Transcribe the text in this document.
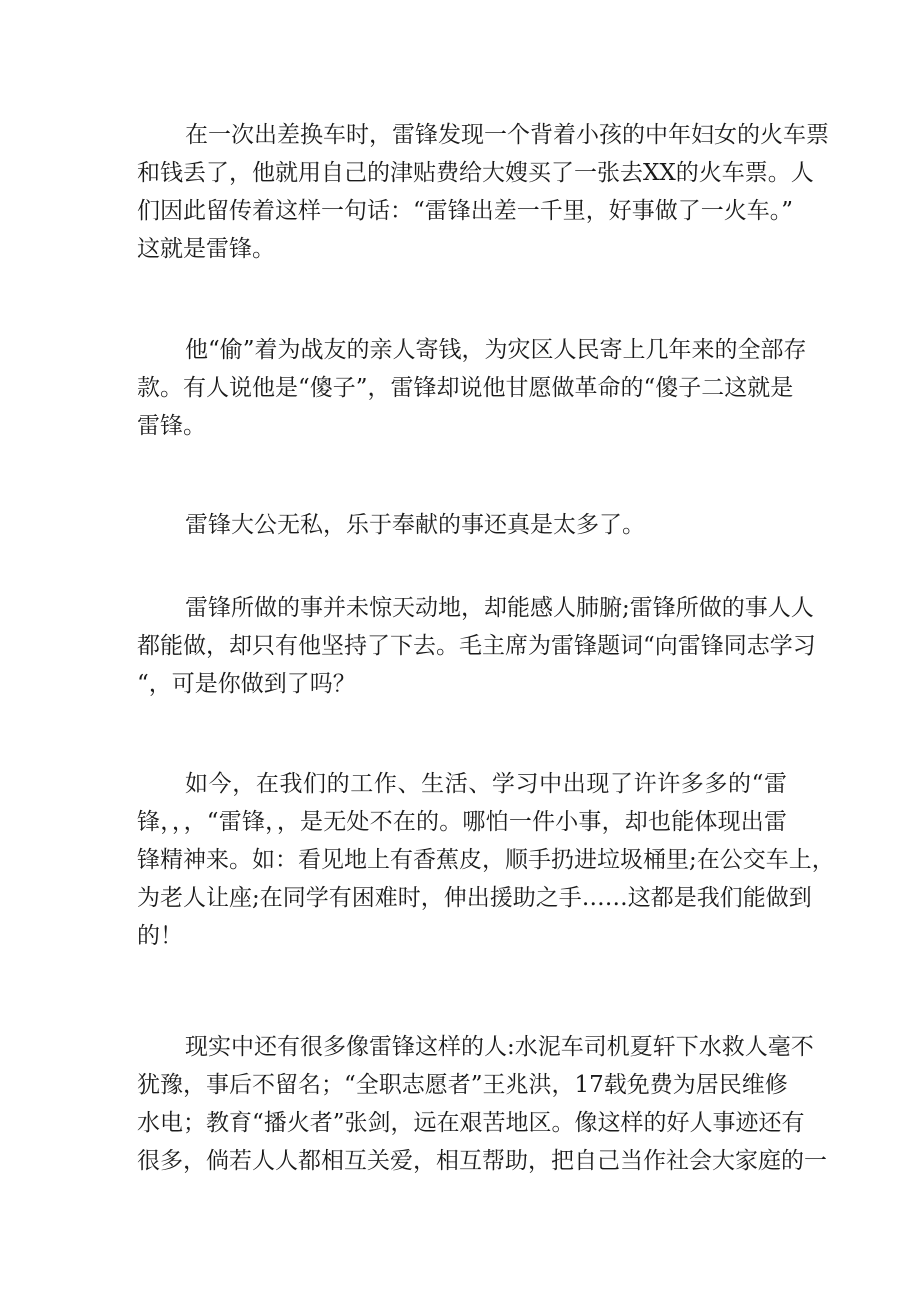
在一次出差换车时，雷锋发现一个背着小孩的中年妇女的火车票
和钱丢了，他就用自己的津贴费给大嫂买了一张去XX的火车票。人
们因此留传着这样一句话：“雷锋出差一千里，好事做了一火车。”
这就是雷锋。
他“偷”着为战友的亲人寄钱，为灾区人民寄上几年来的全部存
款。有人说他是“傻子”，雷锋却说他甘愿做革命的“傻子二这就是
雷锋。
雷锋大公无私，乐于奉献的事还真是太多了。
雷锋所做的事并未惊天动地，却能感人肺腑;雷锋所做的事人人
都能做，却只有他坚持了下去。毛主席为雷锋题词“向雷锋同志学习
“，可是你做到了吗？
如今，在我们的工作、生活、学习中出现了许许多多的“雷
锋，，，“雷锋，，是无处不在的。哪怕一件小事，却也能体现出雷
锋精神来。如：看见地上有香蕉皮，顺手扔进垃圾桶里;在公交车上，
为老人让座;在同学有困难时，伸出援助之手……这都是我们能做到
的！
现实中还有很多像雷锋这样的人:水泥车司机夏轩下水救人毫不
犹豫，事后不留名；“全职志愿者”王兆洪，17载免费为居民维修
水电；教育“播火者”张剑，远在艰苦地区。像这样的好人事迹还有
很多，倘若人人都相互关爱，相互帮助，把自己当作社会大家庭的一
